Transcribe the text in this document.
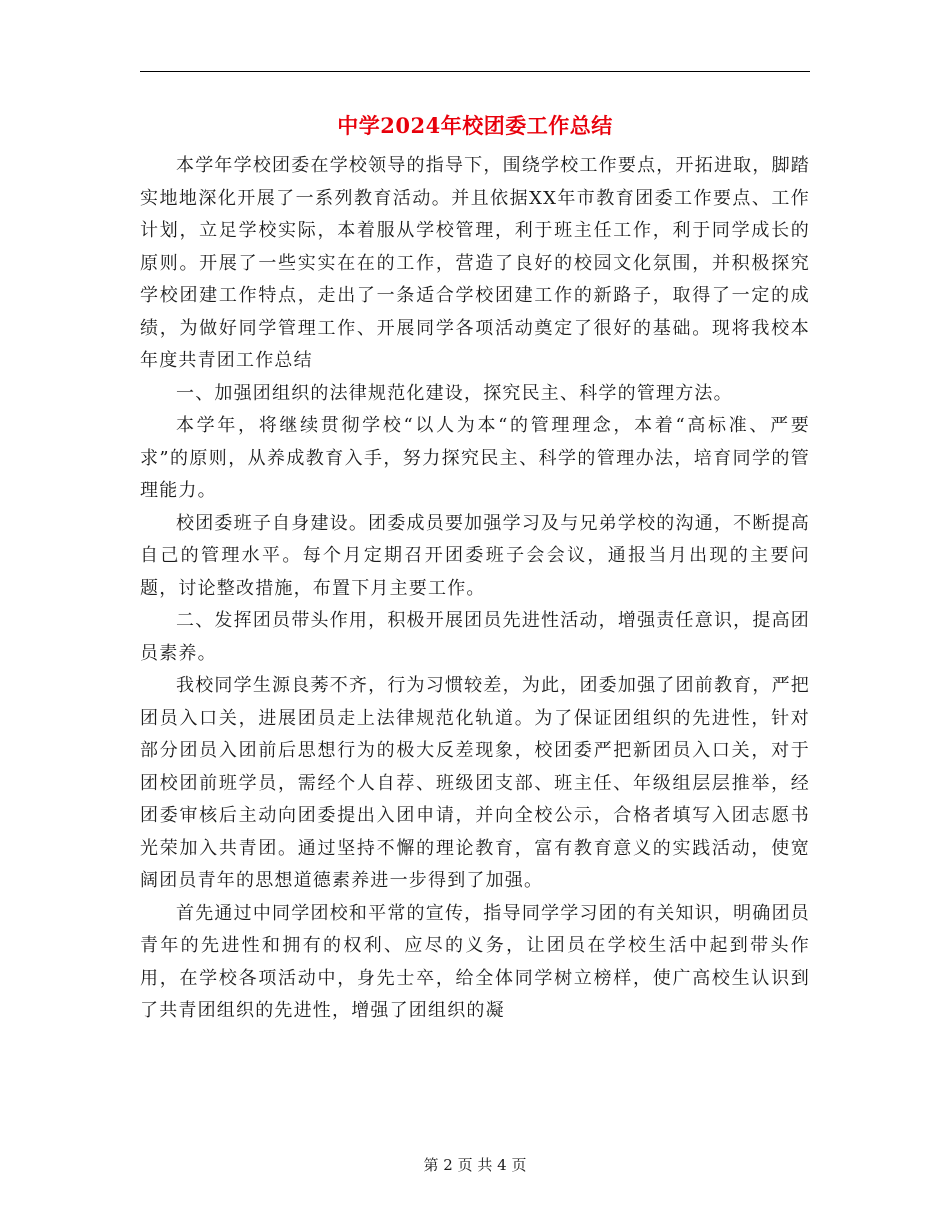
中学2024年校团委工作总结

本学年学校团委在学校领导的指导下，围绕学校工作要点，开拓进取，脚踏实地地深化开展了一系列教育活动。并且依据XX年市教育团委工作要点、工作计划，立足学校实际，本着服从学校管理，利于班主任工作，利于同学成长的原则。开展了一些实实在在的工作，营造了良好的校园文化氛围，并积极探究学校团建工作特点，走出了一条适合学校团建工作的新路子，取得了一定的成绩，为做好同学管理工作、开展同学各项活动奠定了很好的基础。现将我校本年度共青团工作总结

一、加强团组织的法律规范化建设，探究民主、科学的管理方法。

本学年，将继续贯彻学校“以人为本“的管理理念，本着“高标准、严要求”的原则，从养成教育入手，努力探究民主、科学的管理办法，培育同学的管理能力。

校团委班子自身建设。团委成员要加强学习及与兄弟学校的沟通，不断提高自己的管理水平。每个月定期召开团委班子会会议，通报当月出现的主要问题，讨论整改措施，布置下月主要工作。

二、发挥团员带头作用，积极开展团员先进性活动，增强责任意识，提高团员素养。

我校同学生源良莠不齐，行为习惯较差，为此，团委加强了团前教育，严把团员入口关，进展团员走上法律规范化轨道。为了保证团组织的先进性，针对部分团员入团前后思想行为的极大反差现象，校团委严把新团员入口关，对于团校团前班学员，需经个人自荐、班级团支部、班主任、年级组层层推举，经团委审核后主动向团委提出入团申请，并向全校公示，合格者填写入团志愿书光荣加入共青团。通过坚持不懈的理论教育，富有教育意义的实践活动，使宽阔团员青年的思想道德素养进一步得到了加强。

首先通过中同学团校和平常的宣传，指导同学学习团的有关知识，明确团员青年的先进性和拥有的权利、应尽的义务，让团员在学校生活中起到带头作用，在学校各项活动中，身先士卒，给全体同学树立榜样，使广高校生认识到了共青团组织的先进性，增强了团组织的凝

第 2 页 共 4 页
